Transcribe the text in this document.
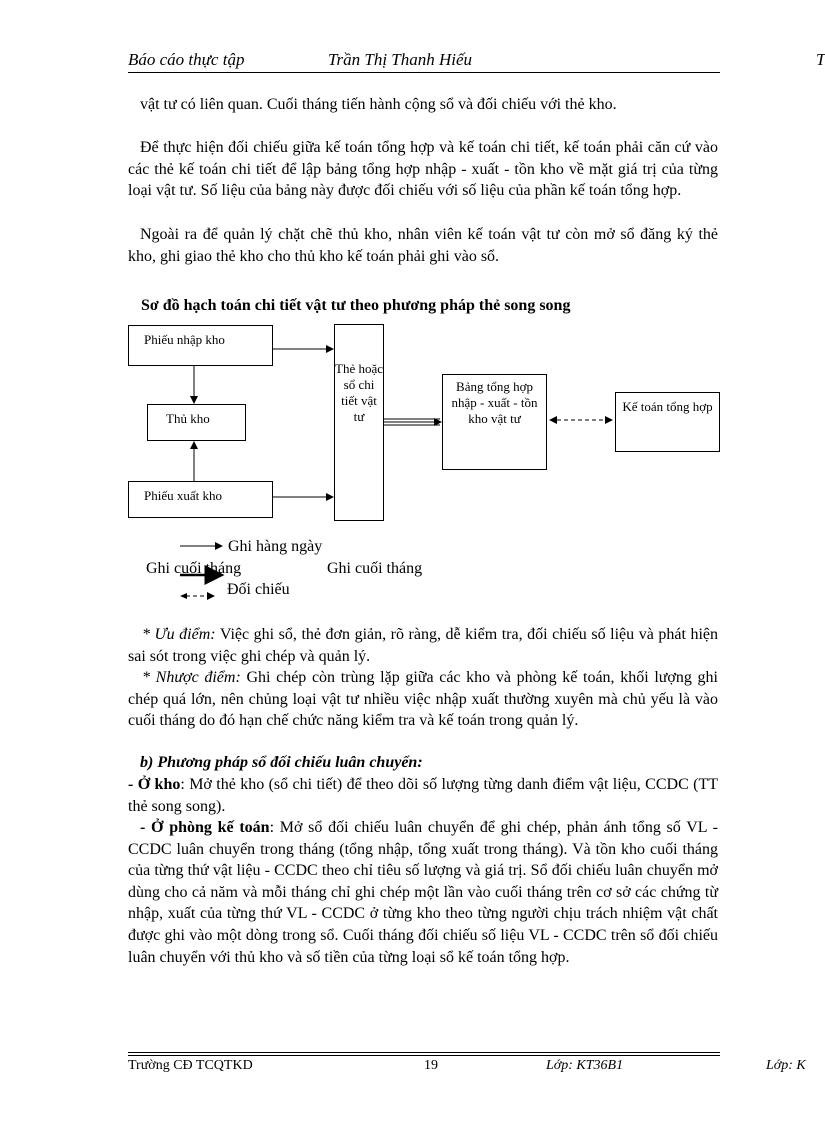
Báo cáo thực tập	Trần Thị Thanh Hiếu	T

vật tư có liên quan. Cuối tháng tiến hành cộng sổ và đối chiếu với thẻ kho.

Để thực hiện đối chiếu giữa kế toán tổng hợp và kế toán chi tiết, kế toán phải căn cứ vào các thẻ kế toán chi tiết để lập bảng tổng hợp nhập - xuất - tồn kho về mặt giá trị của từng loại vật tư. Số liệu của bảng này được đối chiếu với số liệu của phần kế toán tổng hợp.

Ngoài ra để quản lý chặt chẽ thủ kho, nhân viên kế toán vật tư còn mở sổ đăng ký thẻ kho, ghi giao thẻ kho cho thủ kho kế toán phải ghi vào sổ.

Sơ đồ hạch toán chi tiết vật tư theo phương pháp thẻ song song

Phiếu nhập kho
Thủ kho
Phiếu xuất kho
Thẻ hoặc sổ chi tiết vật tư
Bảng tổng hợp nhập - xuất - tồn kho vật tư
Kế toán tổng hợp
Ghi hàng ngày
Ghi cuối tháng	Ghi cuối tháng
Đối chiếu

* Ưu điểm: Việc ghi sổ, thẻ đơn giản, rõ ràng, dễ kiểm tra, đối chiếu số liệu và phát hiện sai sót trong việc ghi chép và quản lý.

* Nhược điểm: Ghi chép còn trùng lặp giữa các kho và phòng kế toán, khối lượng ghi chép quá lớn, nên chủng loại vật tư nhiều việc nhập xuất thường xuyên mà chủ yếu là vào cuối tháng do đó hạn chế chức năng kiểm tra và kế toán trong quản lý.

b) Phương pháp sổ đối chiếu luân chuyển:

- Ở kho: Mở thẻ kho (sổ chi tiết) để theo dõi số lượng từng danh điểm vật liệu, CCDC (TT thẻ song song).

- Ở phòng kế toán: Mở sổ đối chiếu luân chuyển để ghi chép, phản ánh tổng số VL - CCDC luân chuyển trong tháng (tổng nhập, tổng xuất trong tháng). Và tồn kho cuối tháng của từng thứ vật liệu - CCDC theo chỉ tiêu số lượng và giá trị. Sổ đối chiếu luân chuyển mở dùng cho cả năm và mỗi tháng chỉ ghi chép một lần vào cuối tháng trên cơ sở các chứng từ nhập, xuất của từng thứ VL - CCDC ở từng kho theo từng người chịu trách nhiệm vật chất được ghi vào một dòng trong sổ. Cuối tháng đối chiếu số liệu VL - CCDC trên sổ đối chiếu luân chuyển với thủ kho và số tiền của từng loại sổ kế toán tổng hợp.

Trường CĐ TCQTKD	19	Lớp: KT36B1	Lớp: K
